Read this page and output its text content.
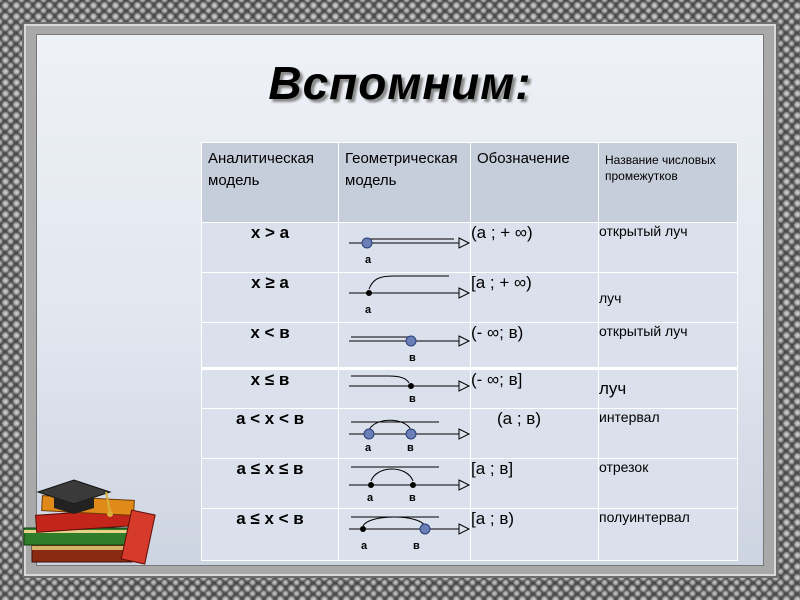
Вспомним:
Аналитическая модель	Геометрическая модель	Обозначение	Название числовых промежутков
x > a	а	(a ; + ∞)	открытый луч
x ≥ a	а	[a ; + ∞)	луч
x < в	в	(- ∞; в)	открытый луч
x ≤ в	в	(- ∞; в]	луч
a < x < в	а в	(a ; в)	интервал
a ≤ x ≤ в	а в	[a ; в]	отрезок
a ≤ x < в	а в	[a ; в)	полуинтервал
